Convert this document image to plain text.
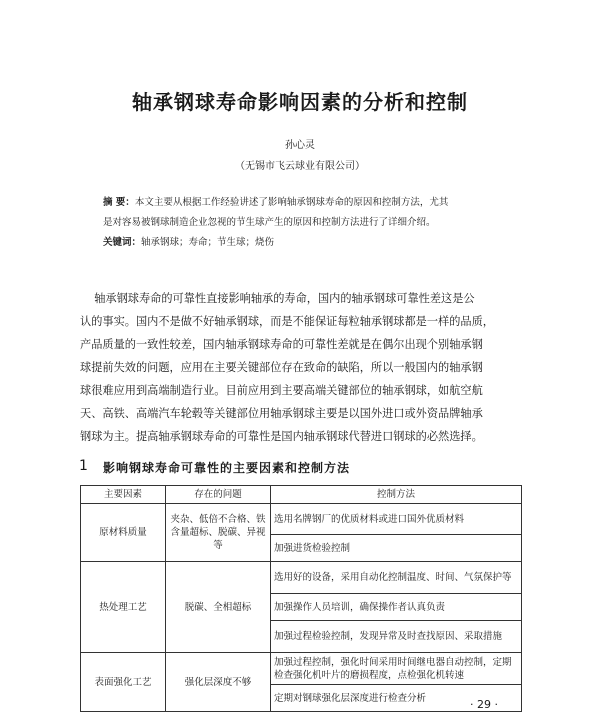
轴承钢球寿命影响因素的分析和控制
孙心灵
（无锡市飞云球业有限公司）
摘 要：本文主要从根据工作经验讲述了影响轴承钢球寿命的原因和控制方法，尤其
是对容易被钢球制造企业忽视的节生球产生的原因和控制方法进行了详细介绍。
关键词：轴承钢球；寿命；节生球；烧伤
轴承钢球寿命的可靠性直接影响轴承的寿命，国内的轴承钢球可靠性差这是公
认的事实。国内不是做不好轴承钢球，而是不能保证每粒轴承钢球都是一样的品质，
产品质量的一致性较差，国内轴承钢球寿命的可靠性差就是在偶尔出现个别轴承钢
球提前失效的问题，应用在主要关键部位存在致命的缺陷，所以一般国内的轴承钢
球很难应用到高端制造行业。目前应用到主要高端关键部位的轴承钢球，如航空航
天、高铁、高端汽车轮毂等关键部位用轴承钢球主要是以国外进口或外资品牌轴承
钢球为主。提高轴承钢球寿命的可靠性是国内轴承钢球代替进口钢球的必然选择。
1 影响钢球寿命可靠性的主要因素和控制方法
主要因素	存在的问题	控制方法
原材料质量	夹杂、低倍不合格、铁含量超标、脱碳、异视等	选用名牌钢厂的优质材料或进口国外优质材料
		加强进货检验控制
热处理工艺	脱碳、全相超标	选用好的设备，采用自动化控制温度、时间、气氛保护等
		加强操作人员培训，确保操作者认真负责
		加强过程检验控制，发现异常及时查找原因、采取措施
表面强化工艺	强化层深度不够	加强过程控制，强化时间采用时间继电器自动控制，定期检查强化机叶片的磨损程度，点检强化机转速
		定期对钢球强化层深度进行检查分析	· 29 ·
